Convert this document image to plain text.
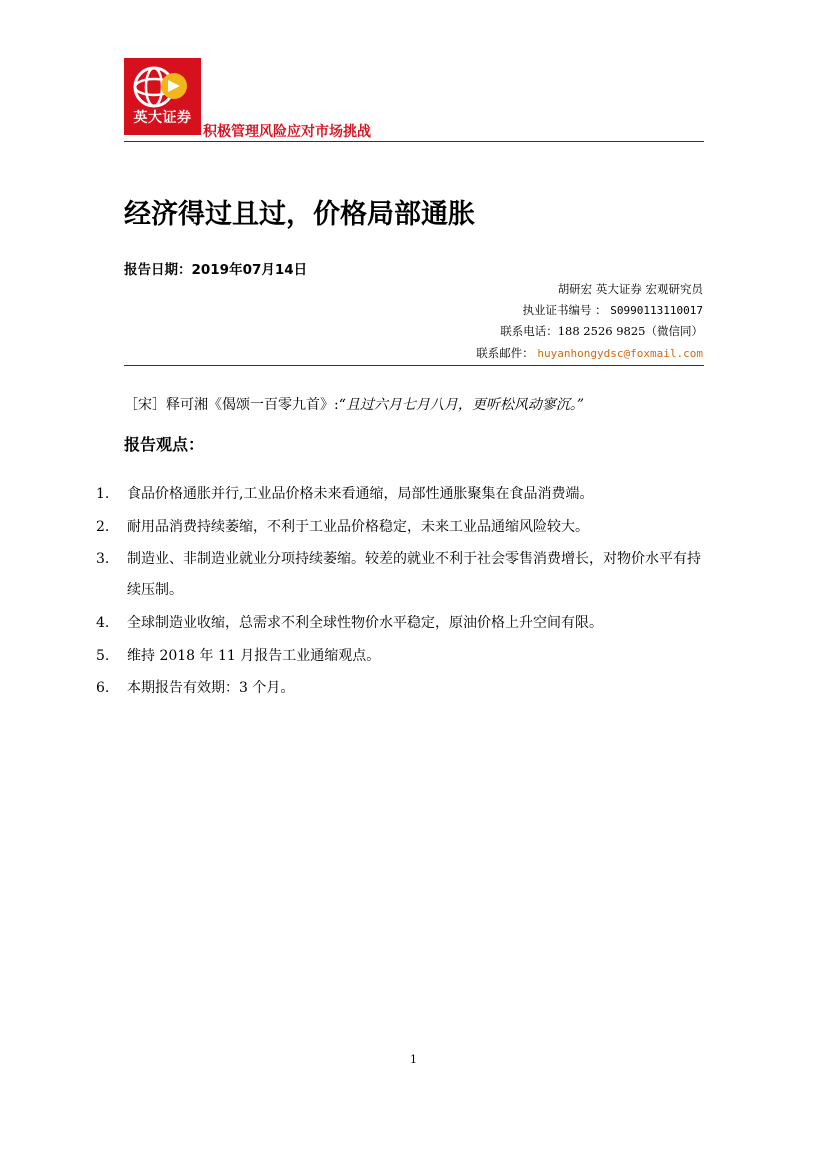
英大证券
积极管理风险应对市场挑战
经济得过且过，价格局部通胀
报告日期：2019年07月14日
胡研宏 英大证券 宏观研究员
执业证书编号 ： S0990113110017
联系电话：188 2526 9825（微信同）
联系邮件： huyanhongydsc@foxmail.com
［宋］释可湘《偈颂一百零九首》:“且过六月七月八月，更听松风动寥沉。”
报告观点：
1.	食品价格通胀并行,工业品价格未来看通缩，局部性通胀聚集在食品消费端。
2.	耐用品消费持续萎缩，不利于工业品价格稳定，未来工业品通缩风险较大。
3.	制造业、非制造业就业分项持续萎缩。较差的就业不利于社会零售消费增长，对物价水平有持续压制。
4.	全球制造业收缩，总需求不利全球性物价水平稳定，原油价格上升空间有限。
5.	维持 2018 年 11 月报告工业通缩观点。
6.	本期报告有效期：3 个月。
1
